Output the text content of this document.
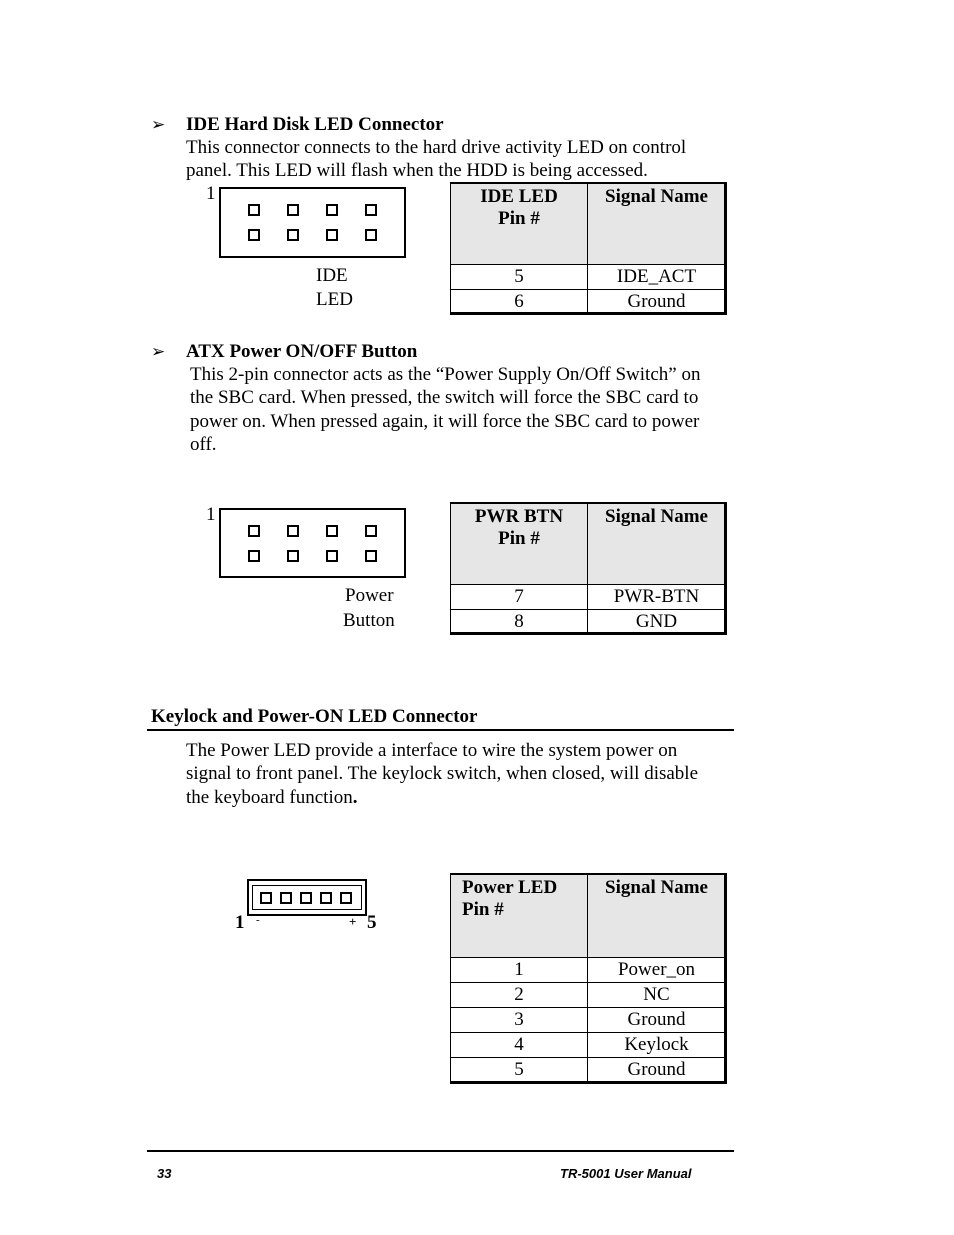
➢ IDE Hard Disk LED Connector

This connector connects to the hard drive activity LED on control

panel. This LED will flash when the HDD is being accessed.

1
IDE
LED
IDE LED
Pin #	Signal Name

5	IDE_ACT
6	Ground
➢ ATX Power ON/OFF Button

This 2-pin connector acts as the “Power Supply On/Off Switch” on

the SBC card. When pressed, the switch will force the SBC card to

power on. When pressed again, it will force the SBC card to power

off.

1
Power
Button
PWR BTN
Pin #	Signal Name

7	PWR-BTN
8	GND
Keylock and Power-ON LED Connector

The Power LED provide a interface to wire the system power on

signal to front panel. The keylock switch, when closed, will disable

the keyboard function.

1 -	+ 5
Power LED
Pin #	Signal Name

1	Power_on
2	NC
3	Ground
4	Keylock
5	Ground
33	TR-5001 User Manual
